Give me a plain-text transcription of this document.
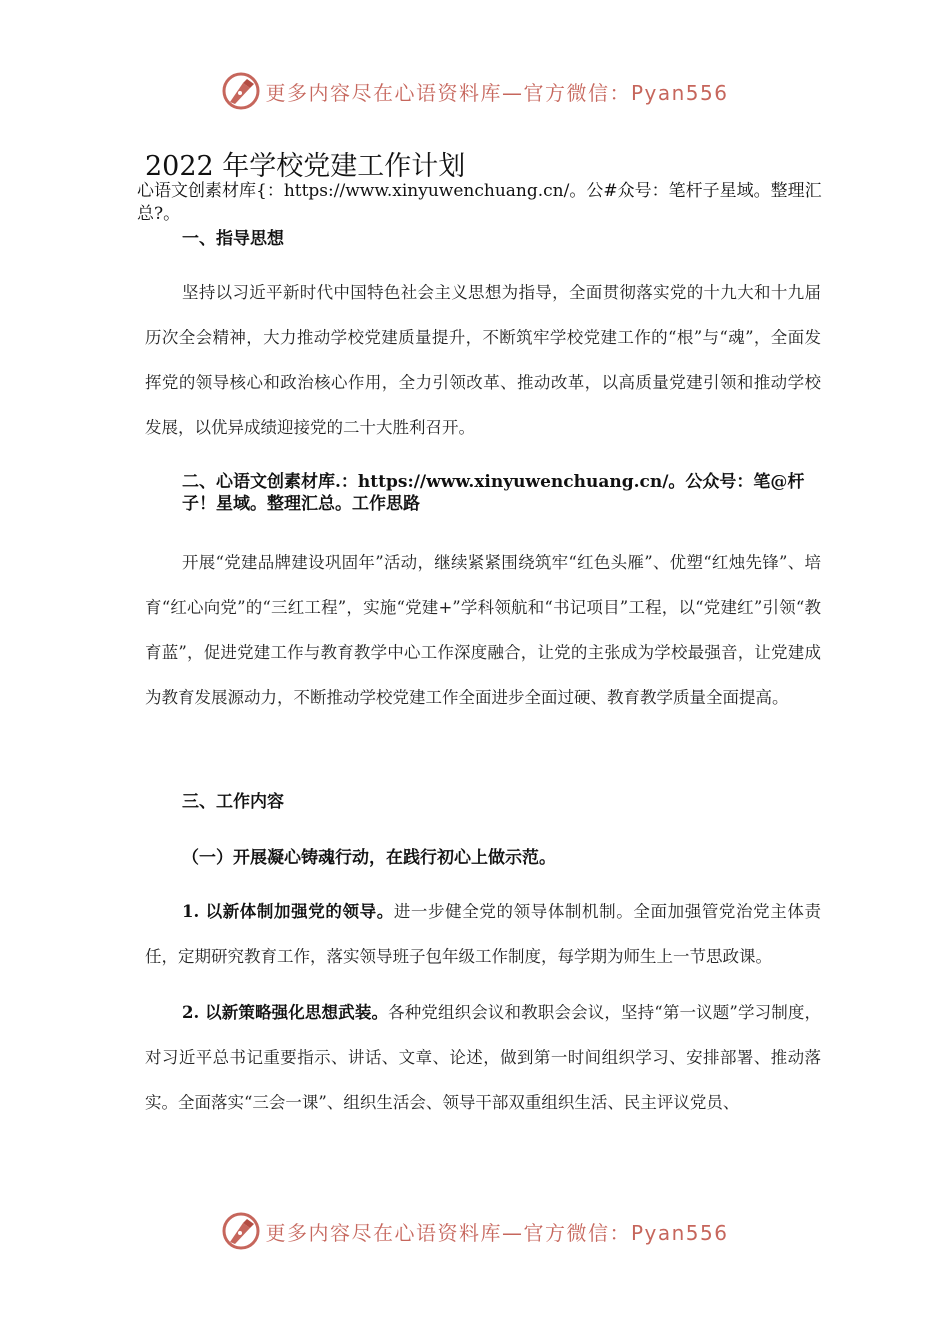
更多内容尽在心语资料库—官方微信：Pyan556
2022 年学校党建工作计划
心语文创素材库{：https://www.xinyuwenchuang.cn/。公#众号：笔杆子星域。整理汇总?。
一、指导思想
坚持以习近平新时代中国特色社会主义思想为指导，全面贯彻落实党的十九大和十九届历次全会精神，大力推动学校党建质量提升，不断筑牢学校党建工作的“根”与“魂”，全面发挥党的领导核心和政治核心作用，全力引领改革、推动改革，以高质量党建引领和推动学校发展，以优异成绩迎接党的二十大胜利召开。
二、心语文创素材库.：https://www.xinyuwenchuang.cn/。公众号：笔@杆子！星域。整理汇总。工作思路
开展“党建品牌建设巩固年”活动，继续紧紧围绕筑牢“红色头雁”、优塑“红烛先锋”、培育“红心向党”的“三红工程”，实施“党建+”学科领航和“书记项目”工程，以“党建红”引领“教育蓝”，促进党建工作与教育教学中心工作深度融合，让党的主张成为学校最强音，让党建成为教育发展源动力，不断推动学校党建工作全面进步全面过硬、教育教学质量全面提高。
三、工作内容
（一）开展凝心铸魂行动，在践行初心上做示范。
1. 以新体制加强党的领导。进一步健全党的领导体制机制。全面加强管党治党主体责　任，定期研究教育工作，落实领导班子包年级工作制度，每学期为师生上一节思政课。
2. 以新策略强化思想武装。各种党组织会议和教职会会议，坚持“第一议题”学习制度，对习近平总书记重要指示、讲话、文章、论述，做到第一时间组织学习、安排部署、推动落实。全面落实“三会一课”、组织生活会、领导干部双重组织生活、民主评议党员、
更多内容尽在心语资料库—官方微信：Pyan556
